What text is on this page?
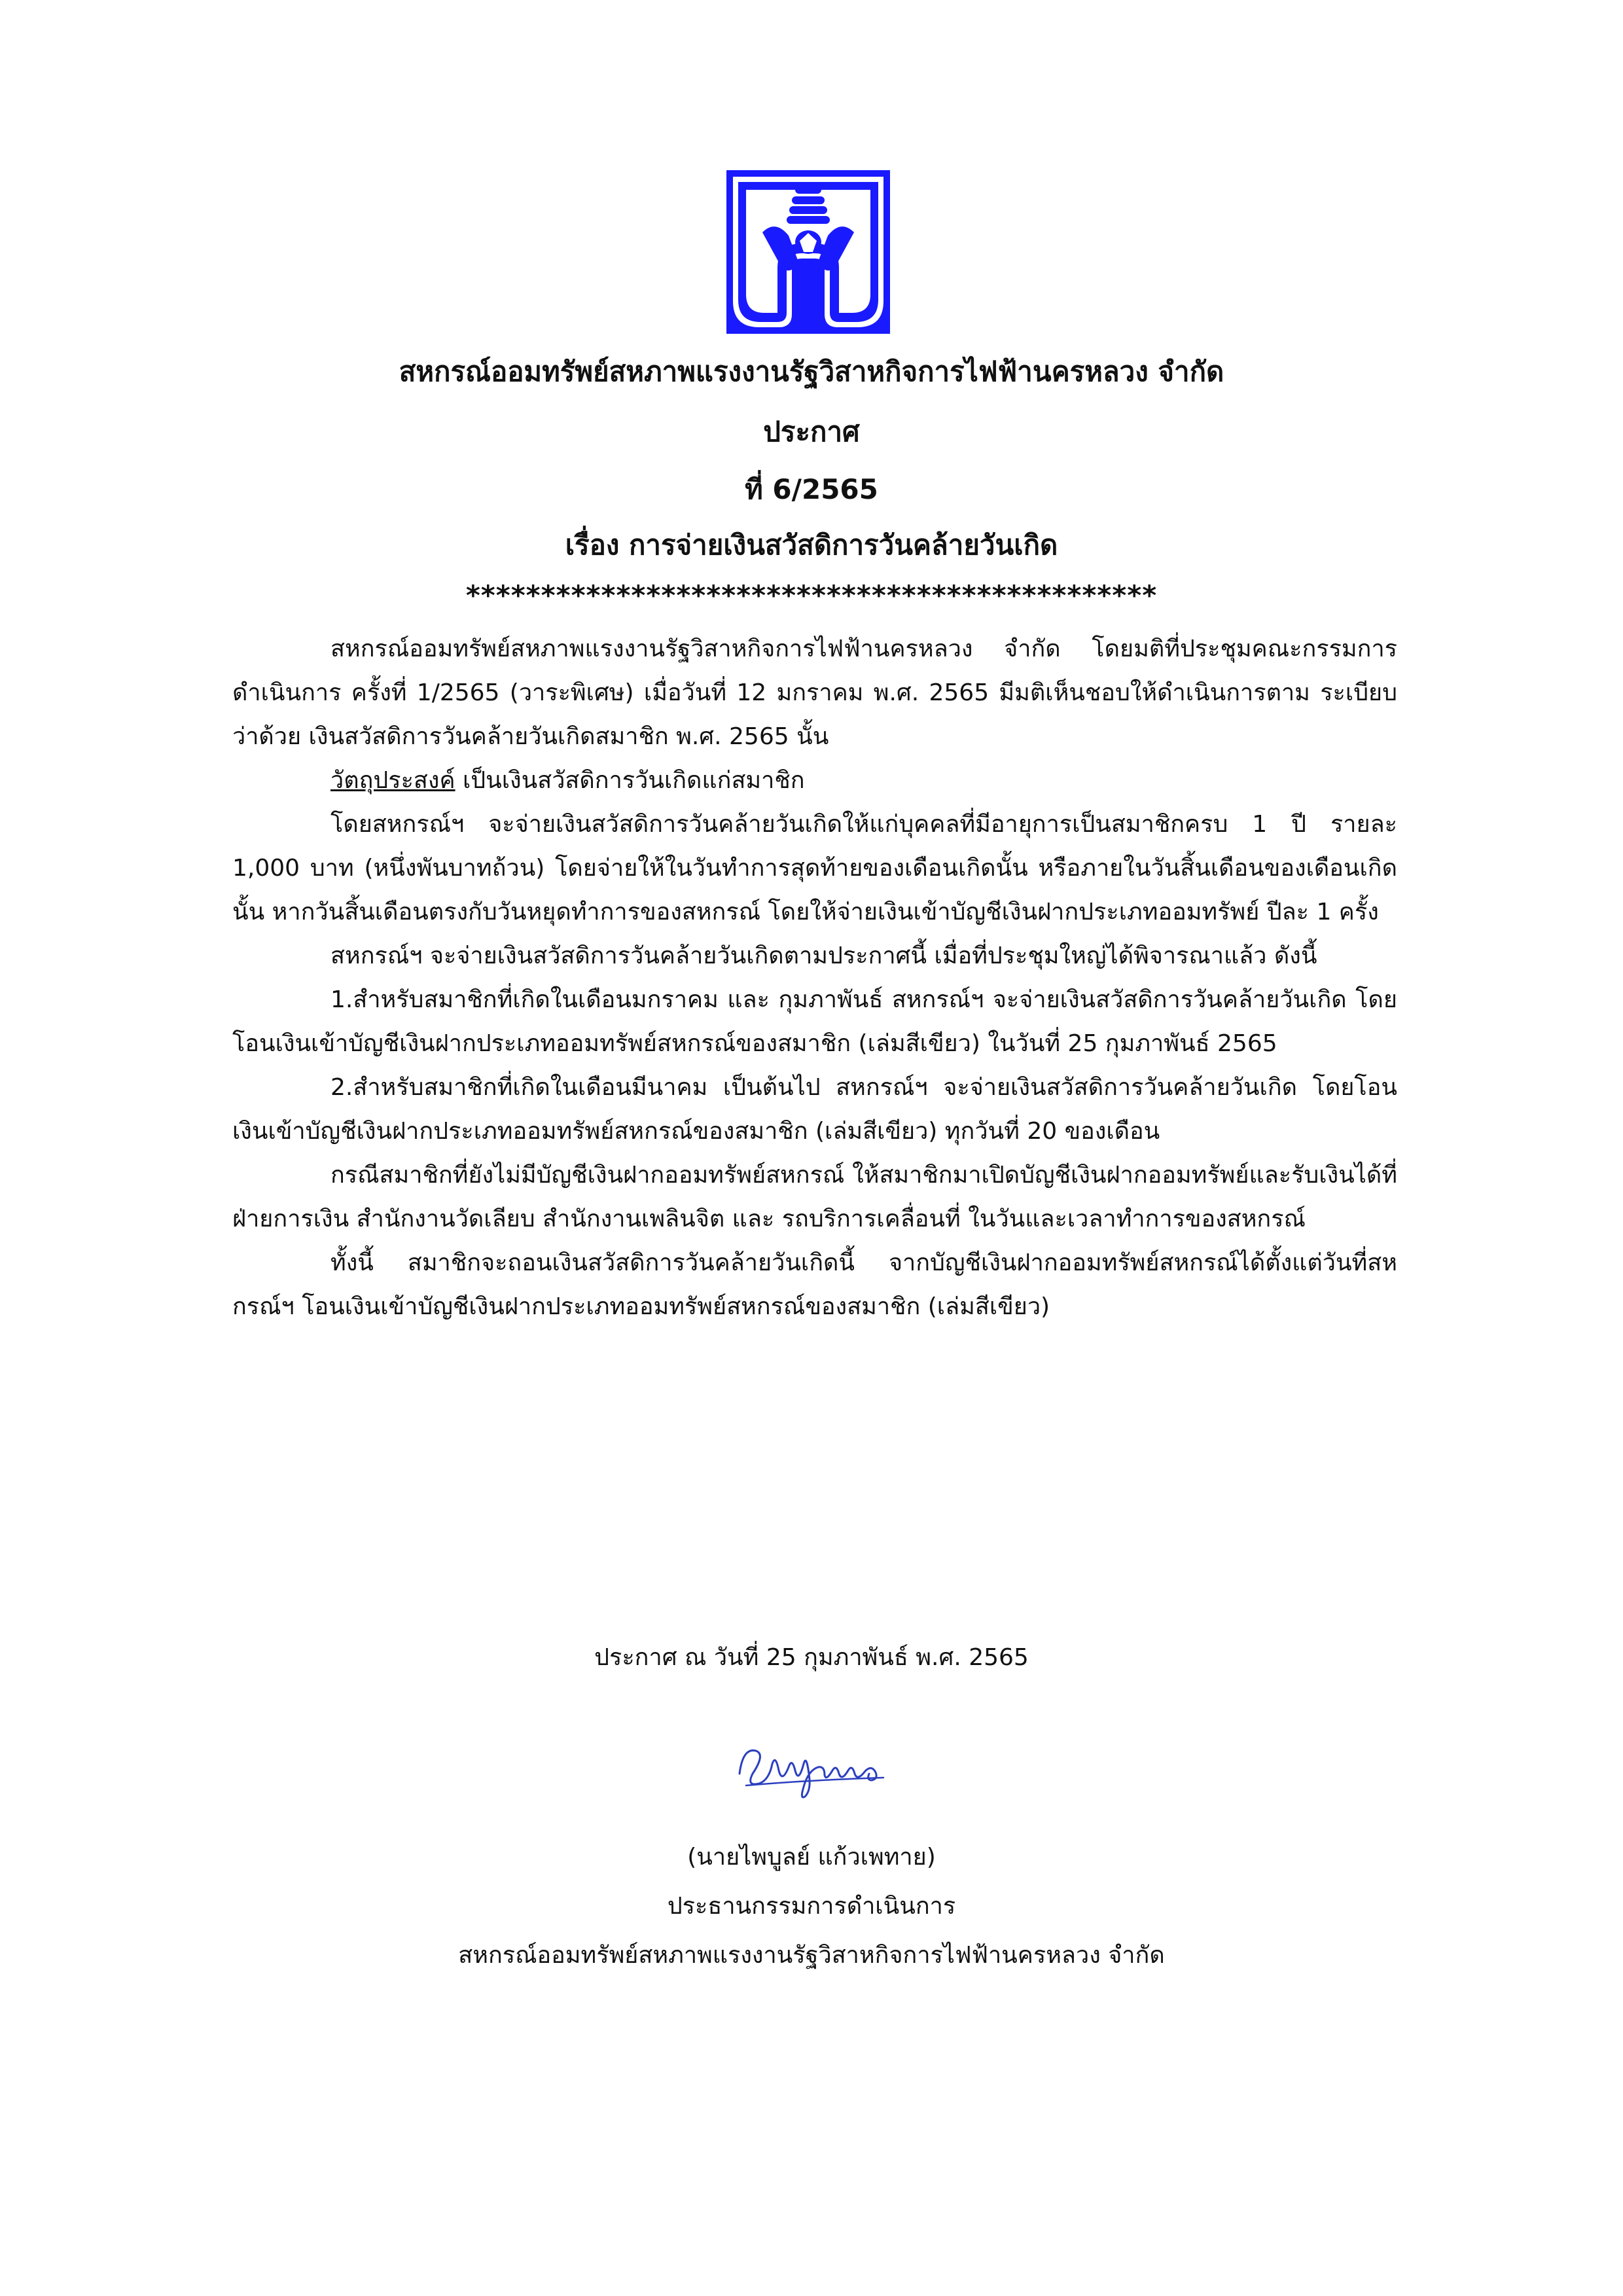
สหกรณ์ออมทรัพย์สหภาพแรงงานรัฐวิสาหกิจการไฟฟ้านครหลวง จำกัด
ประกาศ
ที่ 6/2565
เรื่อง การจ่ายเงินสวัสดิการวันคล้ายวันเกิด
**********************************************

สหกรณ์ออมทรัพย์สหภาพแรงงานรัฐวิสาหกิจการไฟฟ้านครหลวง จำกัด โดยมติที่ประชุมคณะกรรมการดำเนินการ ครั้งที่ 1/2565 (วาระพิเศษ) เมื่อวันที่ 12 มกราคม พ.ศ. 2565 มีมติเห็นชอบให้ดำเนินการตาม ระเบียบ ว่าด้วย เงินสวัสดิการวันคล้ายวันเกิดสมาชิก พ.ศ. 2565 นั้น

วัตถุประสงค์ เป็นเงินสวัสดิการวันเกิดแก่สมาชิก

โดยสหกรณ์ฯ จะจ่ายเงินสวัสดิการวันคล้ายวันเกิดให้แก่บุคคลที่มีอายุการเป็นสมาชิกครบ 1 ปี รายละ 1,000 บาท (หนึ่งพันบาทถ้วน) โดยจ่ายให้ในวันทำการสุดท้ายของเดือนเกิดนั้น หรือภายในวันสิ้นเดือนของเดือนเกิดนั้น หากวันสิ้นเดือนตรงกับวันหยุดทำการของสหกรณ์ โดยให้จ่ายเงินเข้าบัญชีเงินฝากประเภทออมทรัพย์ ปีละ 1 ครั้ง

สหกรณ์ฯ จะจ่ายเงินสวัสดิการวันคล้ายวันเกิดตามประกาศนี้ เมื่อที่ประชุมใหญ่ได้พิจารณาแล้ว ดังนี้

1.สำหรับสมาชิกที่เกิดในเดือนมกราคม และ กุมภาพันธ์ สหกรณ์ฯ จะจ่ายเงินสวัสดิการวันคล้ายวันเกิด โดยโอนเงินเข้าบัญชีเงินฝากประเภทออมทรัพย์สหกรณ์ของสมาชิก (เล่มสีเขียว) ในวันที่ 25 กุมภาพันธ์ 2565

2.สำหรับสมาชิกที่เกิดในเดือนมีนาคม เป็นต้นไป สหกรณ์ฯ จะจ่ายเงินสวัสดิการวันคล้ายวันเกิด โดยโอนเงินเข้าบัญชีเงินฝากประเภทออมทรัพย์สหกรณ์ของสมาชิก (เล่มสีเขียว) ทุกวันที่ 20 ของเดือน

กรณีสมาชิกที่ยังไม่มีบัญชีเงินฝากออมทรัพย์สหกรณ์ ให้สมาชิกมาเปิดบัญชีเงินฝากออมทรัพย์และรับเงินได้ที่ฝ่ายการเงิน สำนักงานวัดเลียบ สำนักงานเพลินจิต และ รถบริการเคลื่อนที่ ในวันและเวลาทำการของสหกรณ์

ทั้งนี้ สมาชิกจะถอนเงินสวัสดิการวันคล้ายวันเกิดนี้ จากบัญชีเงินฝากออมทรัพย์สหกรณ์ได้ตั้งแต่วันที่สหกรณ์ฯ โอนเงินเข้าบัญชีเงินฝากประเภทออมทรัพย์สหกรณ์ของสมาชิก (เล่มสีเขียว)

ประกาศ ณ วันที่ 25 กุมภาพันธ์ พ.ศ. 2565
(นายไพบูลย์ แก้วเพทาย)
ประธานกรรมการดำเนินการ
สหกรณ์ออมทรัพย์สหภาพแรงงานรัฐวิสาหกิจการไฟฟ้านครหลวง จำกัด
